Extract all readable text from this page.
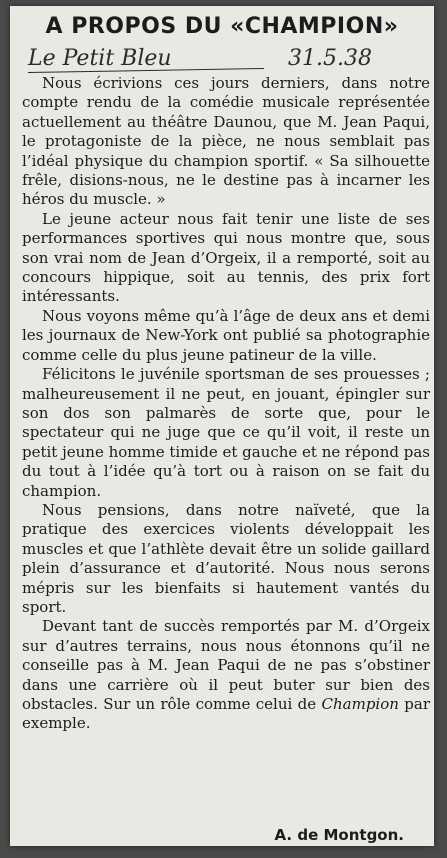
A PROPOS DU «CHAMPION»
Le Petit Bleu	31.5.38

Nous écrivions ces jours derniers, dans notre compte rendu de la comédie musicale représentée actuellement au théâtre Daunou, que M. Jean Paqui, le protagoniste de la pièce, ne nous semblait pas l’idéal physique du champion sportif. « Sa silhouette frêle, disions-nous, ne le destine pas à incarner les héros du muscle. »

Le jeune acteur nous fait tenir une liste de ses performances sportives qui nous montre que, sous son vrai nom de Jean d’Orgeix, il a remporté, soit au concours hippique, soit au tennis, des prix fort intéressants.

Nous voyons même qu’à l’âge de deux ans et demi les journaux de New-York ont publié sa photographie comme celle du plus jeune patineur de la ville.

Félicitons le juvénile sportsman de ses prouesses ; malheureusement il ne peut, en jouant, épingler sur son dos son palmarès de sorte que, pour le spectateur qui ne juge que ce qu’il voit, il reste un petit jeune homme timide et gauche et ne répond pas du tout à l’idée qu’à tort ou à raison on se fait du champion.

Nous pensions, dans notre naïveté, que la pratique des exercices violents développait les muscles et que l’athlète devait être un solide gaillard plein d’assurance et d’autorité. Nous nous serons mépris sur les bienfaits si hautement vantés du sport.

Devant tant de succès remportés par M. d’Orgeix sur d’autres terrains, nous nous étonnons qu’il ne conseille pas à M. Jean Paqui de ne pas s’obstiner dans une carrière où il peut buter sur bien des obstacles. Sur un rôle comme celui de Champion par exemple.

A. de Montgon.
